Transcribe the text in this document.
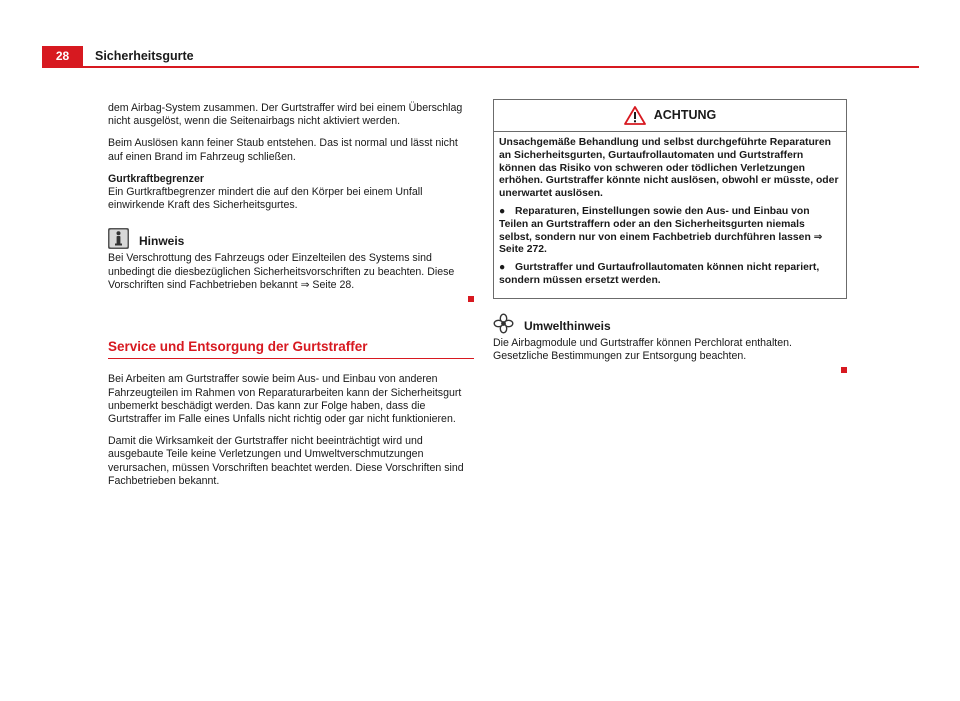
28	Sicherheitsgurte

dem Airbag-System zusammen. Der Gurtstraffer wird bei einem Überschlag nicht ausgelöst, wenn die Seitenairbags nicht aktiviert werden.

Beim Auslösen kann feiner Staub entstehen. Das ist normal und lässt nicht auf einen Brand im Fahrzeug schließen.

Gurtkraftbegrenzer

Ein Gurtkraftbegrenzer mindert die auf den Körper bei einem Unfall einwirkende Kraft des Sicherheitsgurtes.

Hinweis

Bei Verschrottung des Fahrzeugs oder Einzelteilen des Systems sind unbedingt die diesbezüglichen Sicherheitsvorschriften zu beachten. Diese Vorschriften sind Fachbetrieben bekannt ⇒ Seite 28.

Service und Entsorgung der Gurtstraffer

Bei Arbeiten am Gurtstraffer sowie beim Aus- und Einbau von anderen Fahrzeugteilen im Rahmen von Reparaturarbeiten kann der Sicherheitsgurt unbemerkt beschädigt werden. Das kann zur Folge haben, dass die Gurtstraffer im Falle eines Unfalls nicht richtig oder gar nicht funktionieren.

Damit die Wirksamkeit der Gurtstraffer nicht beeinträchtigt wird und ausgebaute Teile keine Verletzungen und Umweltverschmutzungen verursachen, müssen Vorschriften beachtet werden. Diese Vorschriften sind Fachbetrieben bekannt.

ACHTUNG

Unsachgemäße Behandlung und selbst durchgeführte Reparaturen an Sicherheitsgurten, Gurtaufrollautomaten und Gurtstraffern können das Risiko von schweren oder tödlichen Verletzungen erhöhen. Gurtstraffer könnte nicht auslösen, obwohl er müsste, oder unerwartet auslösen.

● Reparaturen, Einstellungen sowie den Aus- und Einbau von Teilen an Gurtstraffern oder an den Sicherheitsgurten niemals selbst, sondern nur von einem Fachbetrieb durchführen lassen ⇒ Seite 272.

● Gurtstraffer und Gurtaufrollautomaten können nicht repariert, sondern müssen ersetzt werden.

Umwelthinweis

Die Airbagmodule und Gurtstraffer können Perchlorat enthalten. Gesetzliche Bestimmungen zur Entsorgung beachten.
